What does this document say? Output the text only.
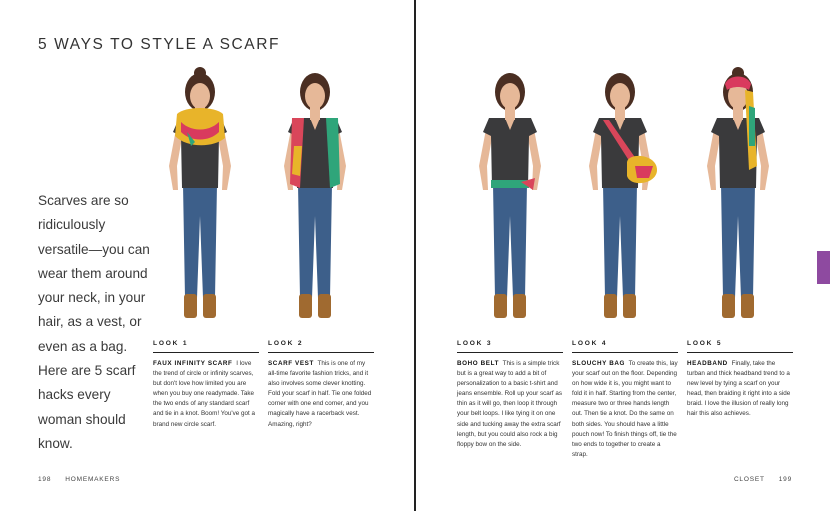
5 WAYS TO STYLE A SCARF
Scarves are so ridiculously versatile—you can wear them around your neck, in your hair, as a vest, or even as a bag. Here are 5 scarf hacks every woman should know.
198 HOMEMAKERS	CLOSET 199
LOOK 1
FAUX INFINITY SCARF I love the trend of circle or infinity scarves, but don't love how limited you are when you buy one readymade. Take the two ends of any standard scarf and tie in a knot. Boom! You've got a brand new circle scarf.
LOOK 2
SCARF VEST This is one of my all-time favorite fashion tricks, and it also involves some clever knotting. Fold your scarf in half. Tie one folded corner with one end corner, and you magically have a racerback vest. Amazing, right?
LOOK 3
BOHO BELT This is a simple trick but is a great way to add a bit of personalization to a basic t-shirt and jeans ensemble. Roll up your scarf as thin as it will go, then loop it through your belt loops. I like tying it on one side and tucking away the extra scarf length, but you could also rock a big floppy bow on the side.
LOOK 4
SLOUCHY BAG To create this, lay your scarf out on the floor. Depending on how wide it is, you might want to fold it in half. Starting from the center, measure two or three hands length out. Then tie a knot. Do the same on both sides. You should have a little pouch now! To finish things off, tie the two ends to together to create a strap.
LOOK 5
HEADBAND Finally, take the turban and thick headband trend to a new level by tying a scarf on your head, then braiding it right into a side braid. I love the illusion of really long hair this also achieves.
